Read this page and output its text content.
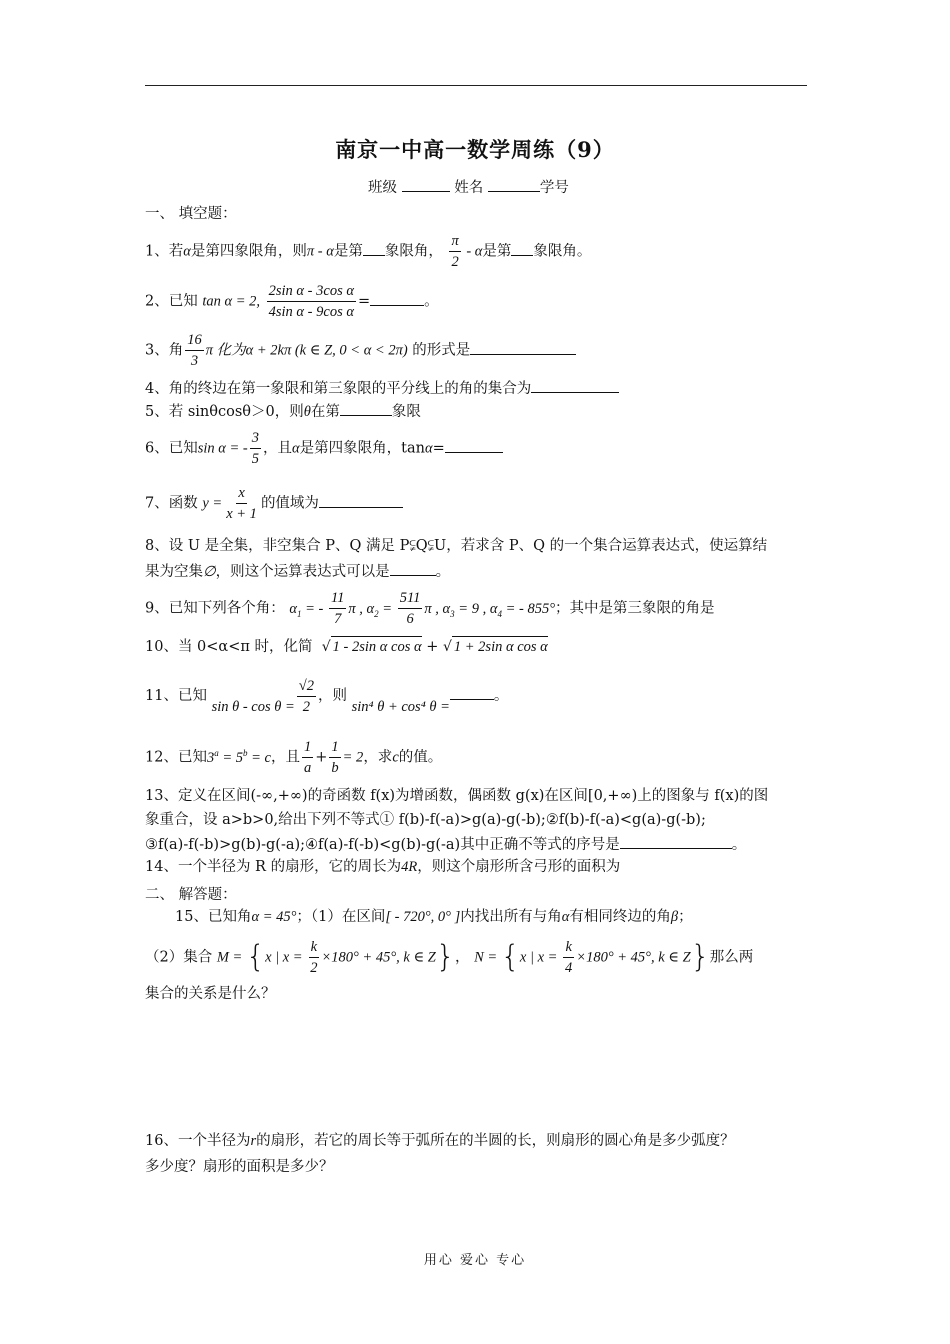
南京一中高一数学周练（9）
班级	姓名	学号
一、 填空题：
1、若α是第四象限角，则π - α是第 象限角， $\frac{\pi}{2}$ - α是第 象限角。
2、已知 tan α = 2, $\frac{\text{2sin α - 3cos α}}{\text{4sin α - 9cos α}}$ =	。
3、角 $\frac{16}{3}$ π 化为α + 2kπ (k ∈ Z, 0 < α < 2π) 的形式是
4、角的终边在第一象限和第三象限的平分线上的角的集合为
5、若 sinθcosθ＞0，则θ在第	象限
6、已知sin α = - $\frac{3}{5}$ ，且α是第四象限角，tanα=
7、函数 $y = \frac{x}{x + 1}$ 的值域为
8、设 U 是全集，非空集合 P、Q 满足 P⫋Q⫋U，若求含 P、Q 的一个集合运算表达式，使运算结
果为空集∅，则这个运算表达式可以是	。
9、已知下列各个角： $\alpha_1$ = - $\frac{11}{7}$ π , $\alpha_2 = \frac{511}{6}$ π , $\alpha_3 = 9$ , $\alpha_4$ = - 855°；其中是第三象限的角是
10、当 0<α<π 时，化简 √ 1 - 2sin α cos α + √ 1 + 2sin α cos α
11、已知 $\sin \theta - \cos \theta = \frac{√2}{2}$ ，则 sin⁴ θ + cos⁴ θ =。
12、已知$3^a = 5^b = c$，且 $\frac{1}{a} + \frac{1}{b} = 2$，求c的值。
13、定义在区间(-∞,+∞)的奇函数 f(x)为增函数，偶函数 g(x)在区间[0,+∞)上的图象与 f(x)的图
象重合，设 a>b>0,给出下列不等式① f(b)-f(-a)>g(a)-g(-b);②f(b)-f(-a)<g(a)-g(-b);
③f(a)-f(-b)>g(b)-g(-a);④f(a)-f(-b)<g(b)-g(-a)其中正确不等式的序号是	。
14、一个半径为 R 的扇形，它的周长为4R，则这个扇形所含弓形的面积为
二、 解答题：
15、已知角α = 45°；（1）在区间[ - 720°, 0° ]内找出所有与角α有相同终边的角β；
（2）集合 M = {x | $x = \frac{k}{2} \times 180^\circ + 45^\circ$, k ∈ Z}， N = {x | $x = \frac{k}{4} \times 180^\circ + 45^\circ$, k ∈ Z}那么两
集合的关系是什么？
16、一个半径为r的扇形，若它的周长等于弧所在的半圆的长，则扇形的圆心角是多少弧度？
多少度？扇形的面积是多少？
用心 爱心 专心
